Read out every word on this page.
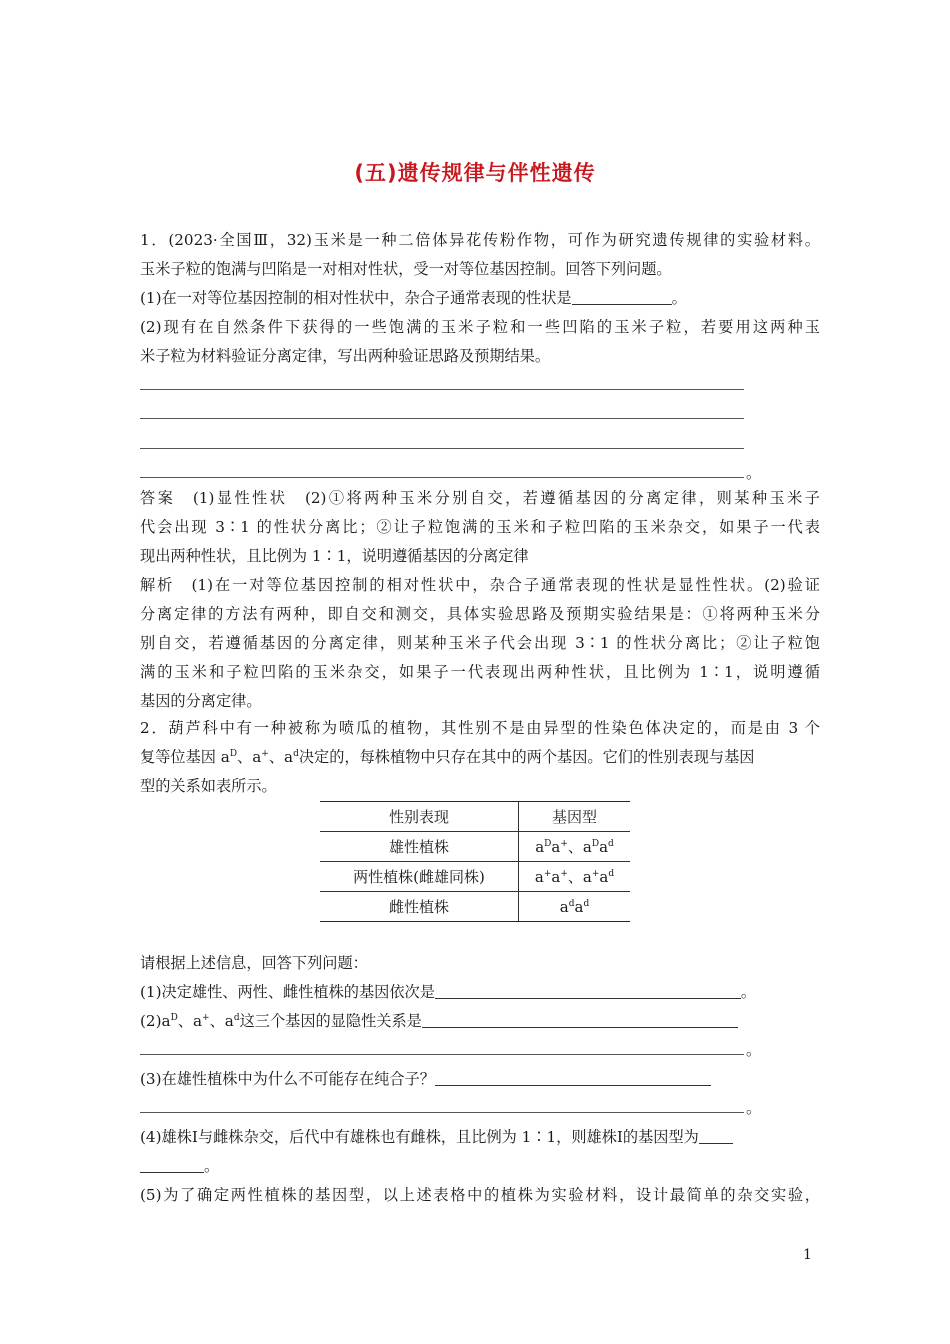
(五)遗传规律与伴性遗传
1．(2023·全国Ⅲ，32)玉米是一种二倍体异花传粉作物，可作为研究遗传规律的实验材料。
玉米子粒的饱满与凹陷是一对相对性状，受一对等位基因控制。回答下列问题。
(1)在一对等位基因控制的相对性状中，杂合子通常表现的性状是	。
(2)现有在自然条件下获得的一些饱满的玉米子粒和一些凹陷的玉米子粒，若要用这两种玉
米子粒为材料验证分离定律，写出两种验证思路及预期结果。
。
答案　(1)显性性状　(2)①将两种玉米分别自交，若遵循基因的分离定律，则某种玉米子
代会出现 3∶1 的性状分离比；②让子粒饱满的玉米和子粒凹陷的玉米杂交，如果子一代表
现出两种性状，且比例为 1∶1，说明遵循基因的分离定律
解析　(1)在一对等位基因控制的相对性状中，杂合子通常表现的性状是显性性状。(2)验证
分离定律的方法有两种，即自交和测交，具体实验思路及预期实验结果是：①将两种玉米分
别自交，若遵循基因的分离定律，则某种玉米子代会出现 3∶1 的性状分离比；②让子粒饱
满的玉米和子粒凹陷的玉米杂交，如果子一代表现出两种性状，且比例为 1∶1，说明遵循
基因的分离定律。
2．葫芦科中有一种被称为喷瓜的植物，其性别不是由异型的性染色体决定的，而是由 3 个
复等位基因 $a^D$、a+、$a^d$决定的，每株植物中只存在其中的两个基因。它们的性别表现与基因
型的关系如表所示。
性别表现	基因型
雄性植株	$a^Da^+$、$a^Da^d$
两性植株(雌雄同株)	a+a+、$a^+a^d$
雌性植株	$a^da^d$
请根据上述信息，回答下列问题：
(1)决定雄性、两性、雌性植株的基因依次是	。
$(2)a^D$、a+、$a^d$这三个基因的显隐性关系是
。
(3)在雄性植株中为什么不可能存在纯合子？
。
(4)雄株Ⅰ与雌株杂交，后代中有雄株也有雌株，且比例为 1∶1，则雄株Ⅰ的基因型为
。
(5)为了确定两性植株的基因型，以上述表格中的植株为实验材料，设计最简单的杂交实验，
1
